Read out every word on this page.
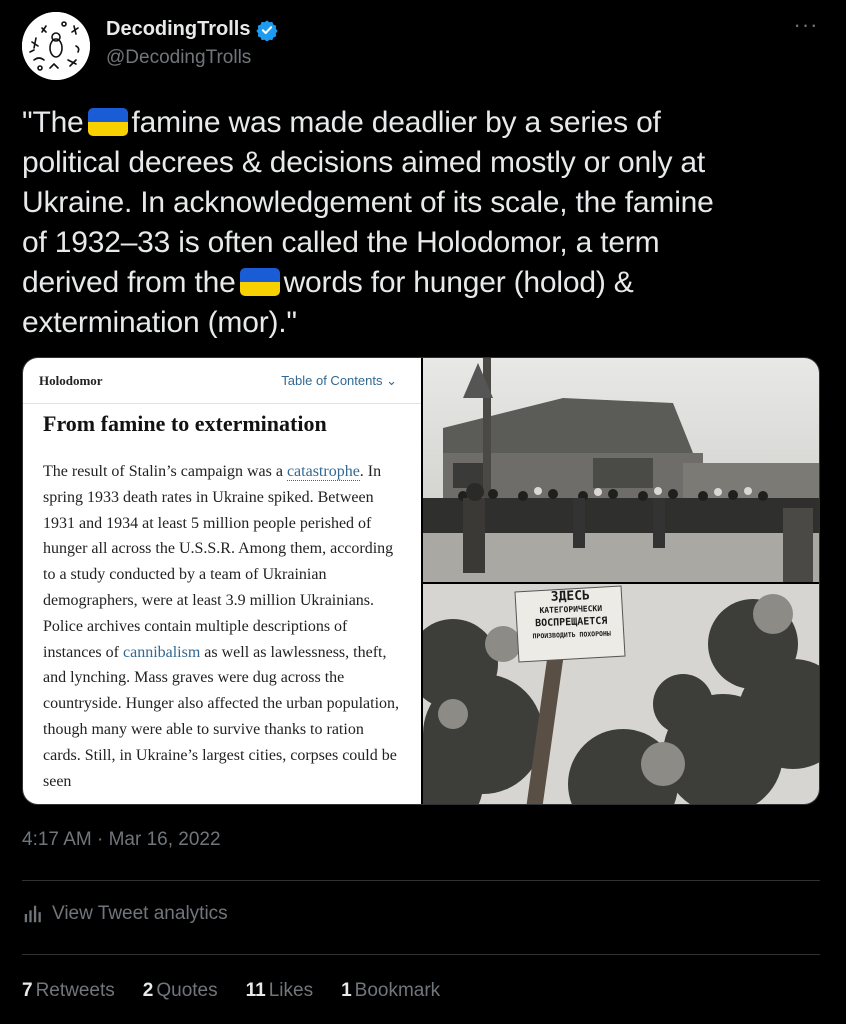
DecodingTrolls
@DecodingTrolls
···
"The famine was made deadlier by a series of
political decrees & decisions aimed mostly or only at
Ukraine. In acknowledgement of its scale, the famine
of 1932–33 is often called the Holodomor, a term
derived from the words for hunger (holod) &
extermination (mor)."
Holodomor	Table of Contents ⌄
From famine to extermination
The result of Stalin’s campaign was a catastrophe. In spring 1933 death rates in Ukraine spiked. Between 1931 and 1934 at least 5 million people perished of hunger all across the U.S.S.R. Among them, according to a study conducted by a team of Ukrainian demographers, were at least 3.9 million Ukrainians. Police archives contain multiple descriptions of instances of cannibalism as well as lawlessness, theft, and lynching. Mass graves were dug across the countryside. Hunger also affected the urban population, though many were able to survive thanks to ration cards. Still, in Ukraine’s largest cities, corpses could be seen
ЗДЕСЬ
КАТЕГОРИЧЕСКИ
ВОСПРЕЩАЕТСЯ
ПРОИЗВОДИТЬ ПОХОРОНЫ
4:17 AM · Mar 16, 2022
View Tweet analytics
7 Retweets 2 Quotes 11 Likes 1 Bookmark
